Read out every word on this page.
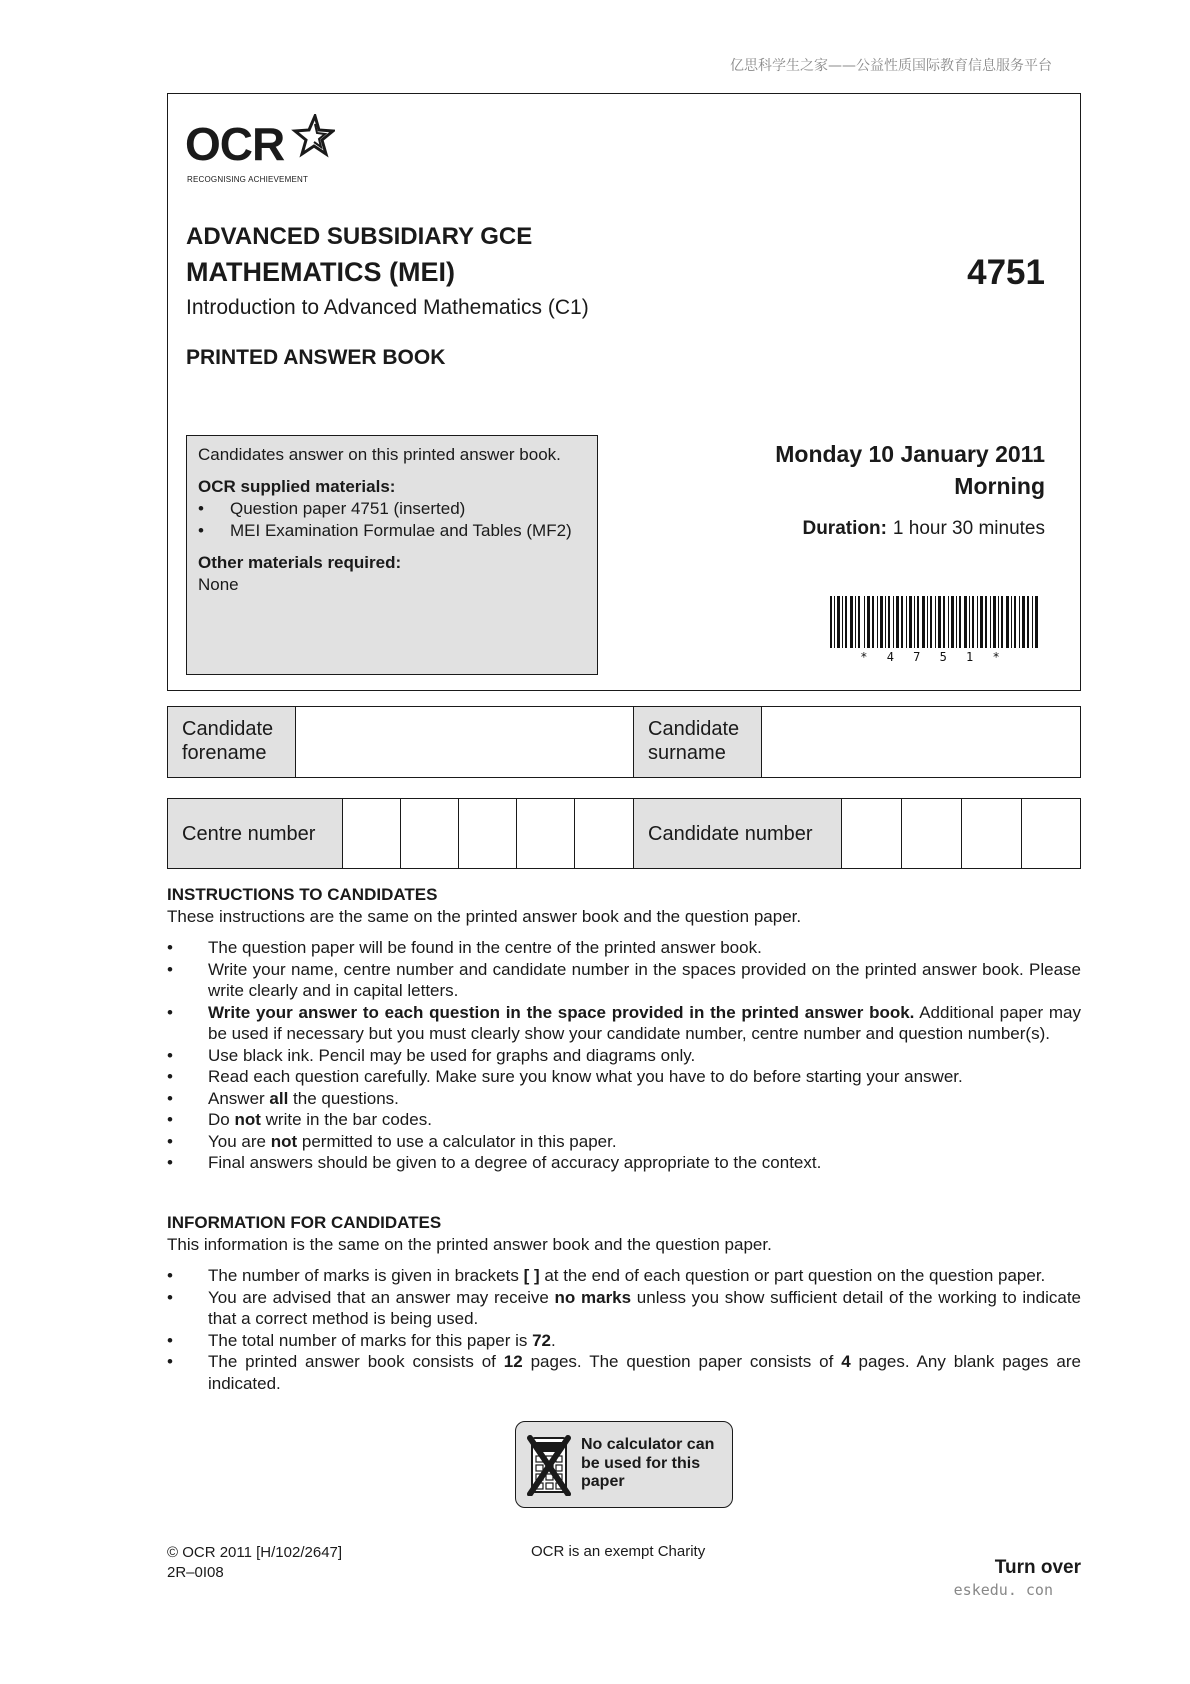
亿思科学生之家——公益性质国际教育信息服务平台
OCR
RECOGNISING ACHIEVEMENT
ADVANCED SUBSIDIARY GCE
MATHEMATICS (MEI)	4751
Introduction to Advanced Mathematics (C1)
PRINTED ANSWER BOOK
Candidates answer on this printed answer book.
OCR supplied materials:
• Question paper 4751 (inserted)
• MEI Examination Formulae and Tables (MF2)
Other materials required:
None
Monday 10 January 2011
Morning
Duration: 1 hour 30 minutes
* 4 7 5 1 *
Candidate forename
Candidate surname
Centre number	Candidate number
INSTRUCTIONS TO CANDIDATES
These instructions are the same on the printed answer book and the question paper.
• The question paper will be found in the centre of the printed answer book.
• Write your name, centre number and candidate number in the spaces provided on the printed answer book. Please write clearly and in capital letters.
• Write your answer to each question in the space provided in the printed answer book. Additional paper may be used if necessary but you must clearly show your candidate number, centre number and question number(s).
• Use black ink. Pencil may be used for graphs and diagrams only.
• Read each question carefully. Make sure you know what you have to do before starting your answer.
• Answer all the questions.
• Do not write in the bar codes.
• You are not permitted to use a calculator in this paper.
• Final answers should be given to a degree of accuracy appropriate to the context.
INFORMATION FOR CANDIDATES
This information is the same on the printed answer book and the question paper.
• The number of marks is given in brackets [ ] at the end of each question or part question on the question paper.
• You are advised that an answer may receive no marks unless you show sufficient detail of the working to indicate that a correct method is being used.
• The total number of marks for this paper is 72.
• The printed answer book consists of 12 pages. The question paper consists of 4 pages. Any blank pages are indicated.
No calculator can be used for this paper
© OCR 2011 [H/102/2647]
2R–0I08
OCR is an exempt Charity
Turn over
eskedu. con
